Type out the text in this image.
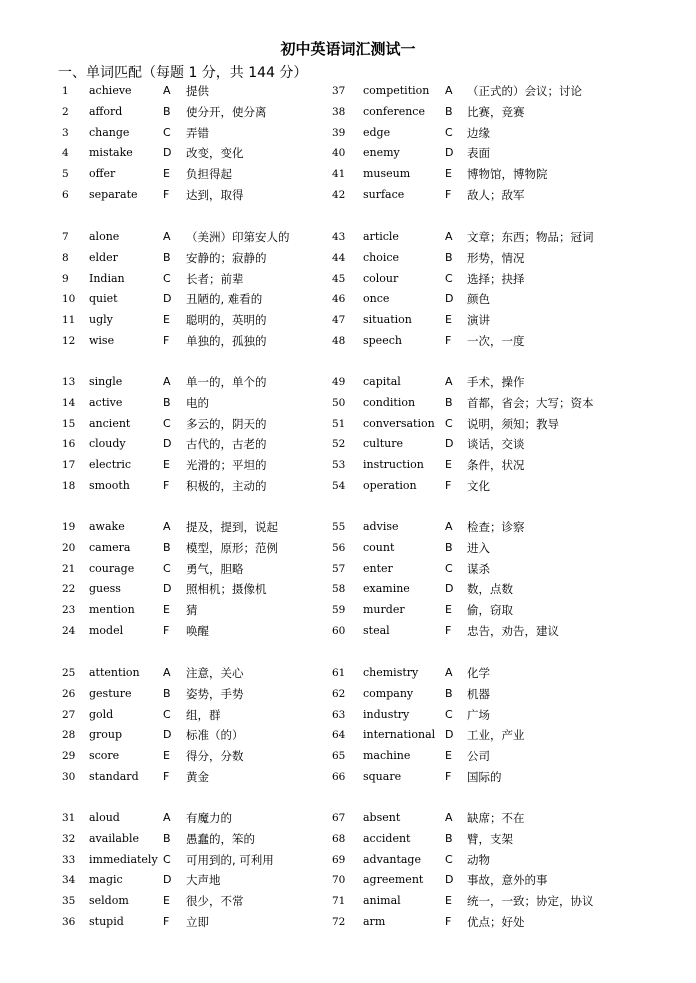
初中英语词汇测试一
一、单词匹配（每题 1 分，共 144 分）
1	achieve	A 提供
2	afford	B 使分开，使分离
3	change	C 弄错
4	mistake	D 改变，变化
5	offer	E 负担得起
6	separate F 达到，取得
37	competition A （正式的）会议；讨论
38	conference B 比赛，竞赛
39	edge	C 边缘
40	enemy	D 表面
41	museum	E 博物馆，博物院
42	surface	F 敌人；敌军
7	alone	A （美洲）印第安人的
8	elder	B 安静的；寂静的
9	Indian	C 长者；前辈
10	quiet	D 丑陋的, 难看的
11	ugly	E 聪明的，英明的
12	wise	F 单独的，孤独的
43	article	A 文章；东西；物品；冠词
44	choice	B 形势，情况
45	colour	C 选择；抉择
46	once	D 颜色
47	situation	E 演讲
48	speech	F 一次，一度
13	single	A 单一的，单个的
14	active	B 电的
15	ancient	C 多云的，阴天的
16	cloudy	D 古代的，古老的
17	electric	E 光滑的；平坦的
18	smooth	F 积极的，主动的
49	capital	A 手术，操作
50	condition	B 首都，省会；大写；资本
51	conversation C 说明，须知；教导
52	culture	D 谈话，交谈
53	instruction E 条件，状况
54	operation	F 文化
19	awake	A 提及，提到，说起
20	camera	B 模型，原形；范例
21	courage	C 勇气，胆略
22	guess	D 照相机；摄像机
23	mention	E 猜
24	model	F 唤醒
55	advise	A 检查；诊察
56	count	B 进入
57	enter	C 谋杀
58	examine	D 数，点数
59	murder	E 偷，窃取
60	steal	F 忠告，劝告，建议
25	attention A 注意，关心
26	gesture	B 姿势，手势
27	gold	C 组，群
28	group	D 标准（的）
29	score	E 得分，分数
30	standard F 黄金
61	chemistry A 化学
62	company	B 机器
63	industry	C 广场
64	international D 工业，产业
65	machine	E 公司
66	square	F 国际的
31	aloud	A 有魔力的
32	available B 愚蠢的，笨的
33	immediately C 可用到的, 可利用
34	magic	D 大声地
35	seldom	E 很少，不常
36	stupid	F 立即
67	absent	A 缺席；不在
68	accident	B 臂，支架
69	advantage C 动物
70	agreement D 事故，意外的事
71	animal	E 统一，一致；协定，协议
72	arm	F 优点；好处
